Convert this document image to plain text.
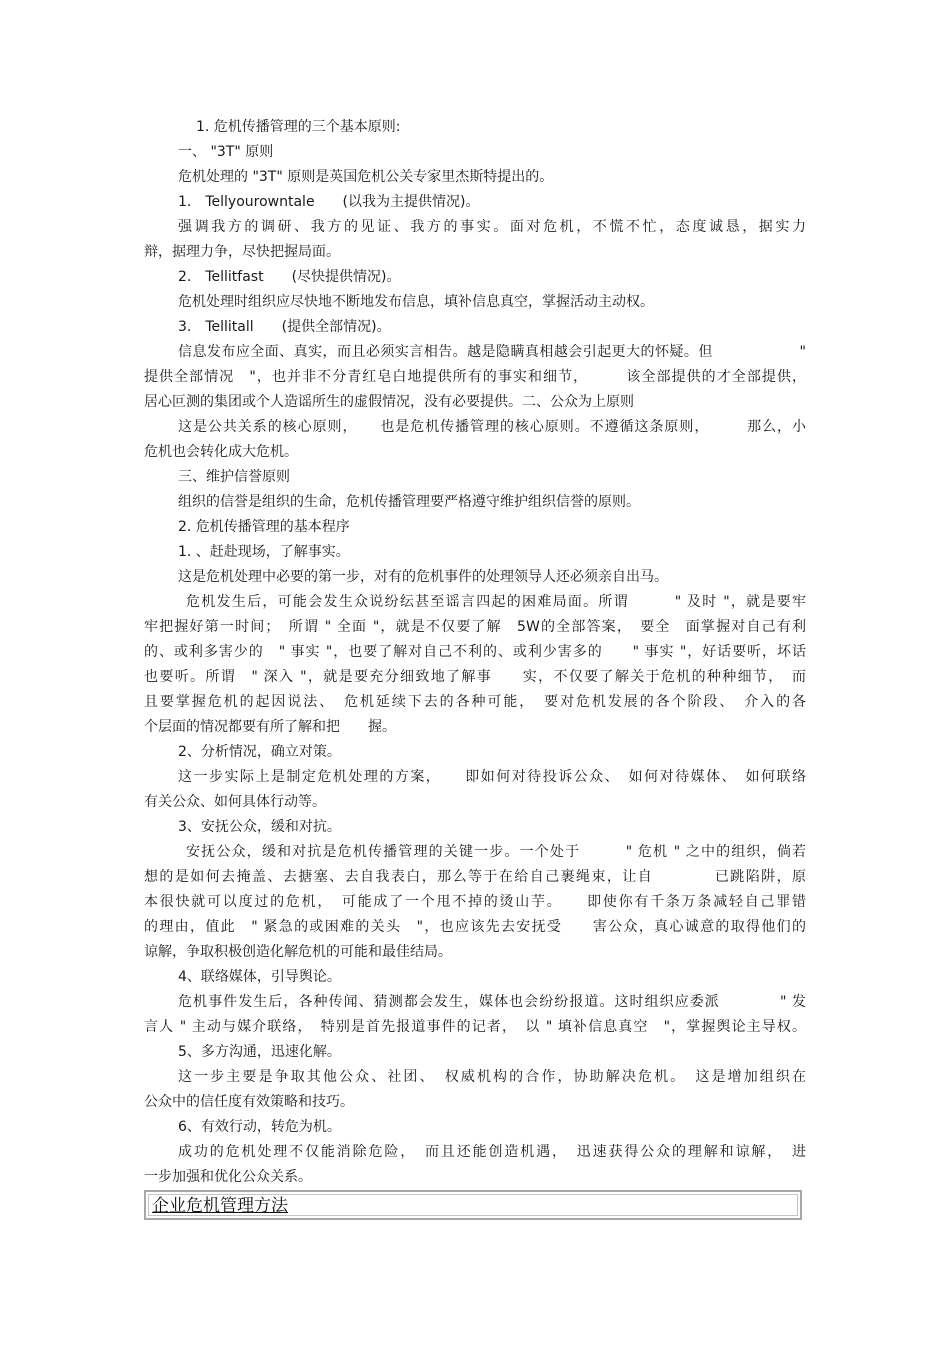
1. 危机传播管理的三个基本原则:
一、 "3T" 原则
危机处理的 "3T" 原则是英国危机公关专家里杰斯特提出的。
1.　Tellyourowntale　　(以我为主提供情况)。
强调我方的调研、我方的见证、我方的事实。面对危机，不慌不忙，态度诚恳，据实力
辩，据理力争，尽快把握局面。
2.　Tellitfast　　(尽快提供情况)。
危机处理时组织应尽快地不断地发布信息，填补信息真空，掌握活动主动权。
3.　Tellitall　　(提供全部情况)。
信息发布应全面、真实，而且必须实言相告。越是隐瞒真相越会引起更大的怀疑。但　　　　　　"
提供全部情况　"，也并非不分青红皂白地提供所有的事实和细节，　　　该全部提供的才全部提供，
居心叵测的集团或个人造谣所生的虚假情况，没有必要提供。二、公众为上原则
这是公共关系的核心原则，　　也是危机传播管理的核心原则。不遵循这条原则，　　　那么，小
危机也会转化成大危机。
三、维护信誉原则
组织的信誉是组织的生命，危机传播管理要严格遵守维护组织信誉的原则。
2. 危机传播管理的基本程序
1. 、赶赴现场，了解事实。
这是危机处理中必要的第一步，对有的危机事件的处理领导人还必须亲自出马。
危机发生后，可能会发生众说纷纭甚至谣言四起的困难局面。所谓　　　" 及时 "，就是要牢
牢把握好第一时间；　所谓 " 全面 "，就是不仅要了解　5W的全部答案，　要全　面掌握对自己有利
的、或利多害少的　" 事实 "，也要了解对自己不利的、或利少害多的　　" 事实 "，好话要听，坏话
也要听。所谓　" 深入 "，就是要充分细致地了解事　　实，不仅要了解关于危机的种种细节，　而
且要掌握危机的起因说法、　危机延续下去的各种可能，　要对危机发展的各个阶段、　介入的各
个层面的情况都要有所了解和把　　握。
2、分析情况，确立对策。
这一步实际上是制定危机处理的方案，　　即如何对待投诉公众、　如何对待媒体、　如何联络
有关公众、如何具体行动等。
3、安抚公众，缓和对抗。
安抚公众，缓和对抗是危机传播管理的关键一步。一个处于　　　" 危机 " 之中的组织，倘若
想的是如何去掩盖、去搪塞、去自我表白，那么等于在给自己裹绳束，让自　　　　已跳陷阱，原
本很快就可以度过的危机，　可能成了一个甩不掉的烫山芋。　　即使你有千条万条减轻自己罪错
的理由，值此　" 紧急的或困难的关头　"，也应该先去安抚受　　害公众，真心诚意的取得他们的
谅解，争取积极创造化解危机的可能和最佳结局。
4、联络媒体，引导舆论。
危机事件发生后，各种传闻、猜测都会发生，媒体也会纷纷报道。这时组织应委派　　　　" 发
言人 " 主动与媒介联络，　特别是首先报道事件的记者，　以 " 填补信息真空　"，掌握舆论主导权。
5、多方沟通，迅速化解。
这一步主要是争取其他公众、社团、　权威机构的合作，协助解决危机。　这是增加组织在
公众中的信任度有效策略和技巧。
6、有效行动，转危为机。
成功的危机处理不仅能消除危险，　而且还能创造机遇，　迅速获得公众的理解和谅解，　进
一步加强和优化公众关系。
企业危机管理方法
